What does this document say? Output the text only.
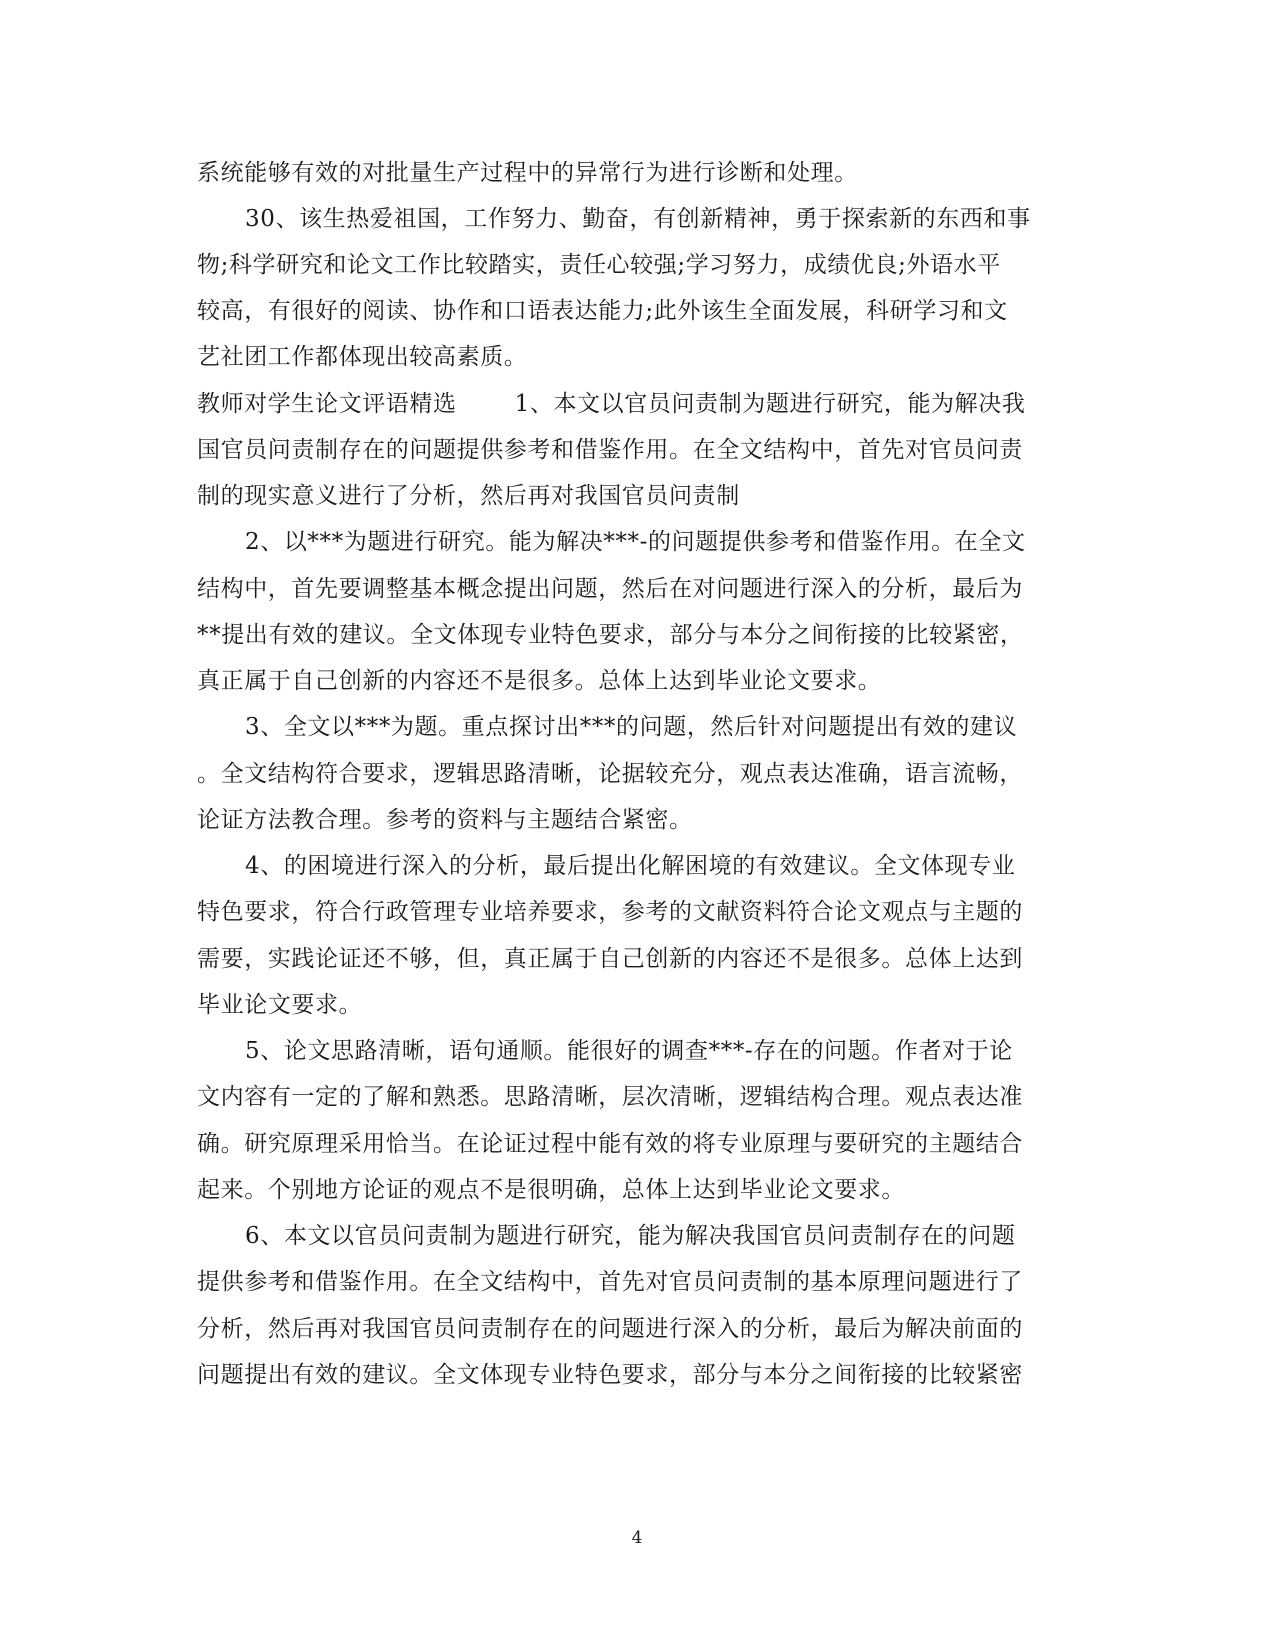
系统能够有效的对批量生产过程中的异常行为进行诊断和处理。
30、该生热爱祖国，工作努力、勤奋，有创新精神，勇于探索新的东西和事
物;科学研究和论文工作比较踏实，责任心较强;学习努力，成绩优良;外语水平
较高，有很好的阅读、协作和口语表达能力;此外该生全面发展，科研学习和文
艺社团工作都体现出较高素质。
教师对学生论文评语精选	1、本文以官员问责制为题进行研究，能为解决我
国官员问责制存在的问题提供参考和借鉴作用。在全文结构中，首先对官员问责
制的现实意义进行了分析，然后再对我国官员问责制
2、以***为题进行研究。能为解决***-的问题提供参考和借鉴作用。在全文
结构中，首先要调整基本概念提出问题，然后在对问题进行深入的分析，最后为
**提出有效的建议。全文体现专业特色要求，部分与本分之间衔接的比较紧密，
真正属于自己创新的内容还不是很多。总体上达到毕业论文要求。
3、全文以***为题。重点探讨出***的问题，然后针对问题提出有效的建议
。全文结构符合要求，逻辑思路清晰，论据较充分，观点表达准确，语言流畅，
论证方法教合理。参考的资料与主题结合紧密。
4、的困境进行深入的分析，最后提出化解困境的有效建议。全文体现专业
特色要求，符合行政管理专业培养要求，参考的文献资料符合论文观点与主题的
需要，实践论证还不够，但，真正属于自己创新的内容还不是很多。总体上达到
毕业论文要求。
5、论文思路清晰，语句通顺。能很好的调查***-存在的问题。作者对于论
文内容有一定的了解和熟悉。思路清晰，层次清晰，逻辑结构合理。观点表达准
确。研究原理采用恰当。在论证过程中能有效的将专业原理与要研究的主题结合
起来。个别地方论证的观点不是很明确，总体上达到毕业论文要求。
6、本文以官员问责制为题进行研究，能为解决我国官员问责制存在的问题
提供参考和借鉴作用。在全文结构中，首先对官员问责制的基本原理问题进行了
分析，然后再对我国官员问责制存在的问题进行深入的分析，最后为解决前面的
问题提出有效的建议。全文体现专业特色要求，部分与本分之间衔接的比较紧密
4
